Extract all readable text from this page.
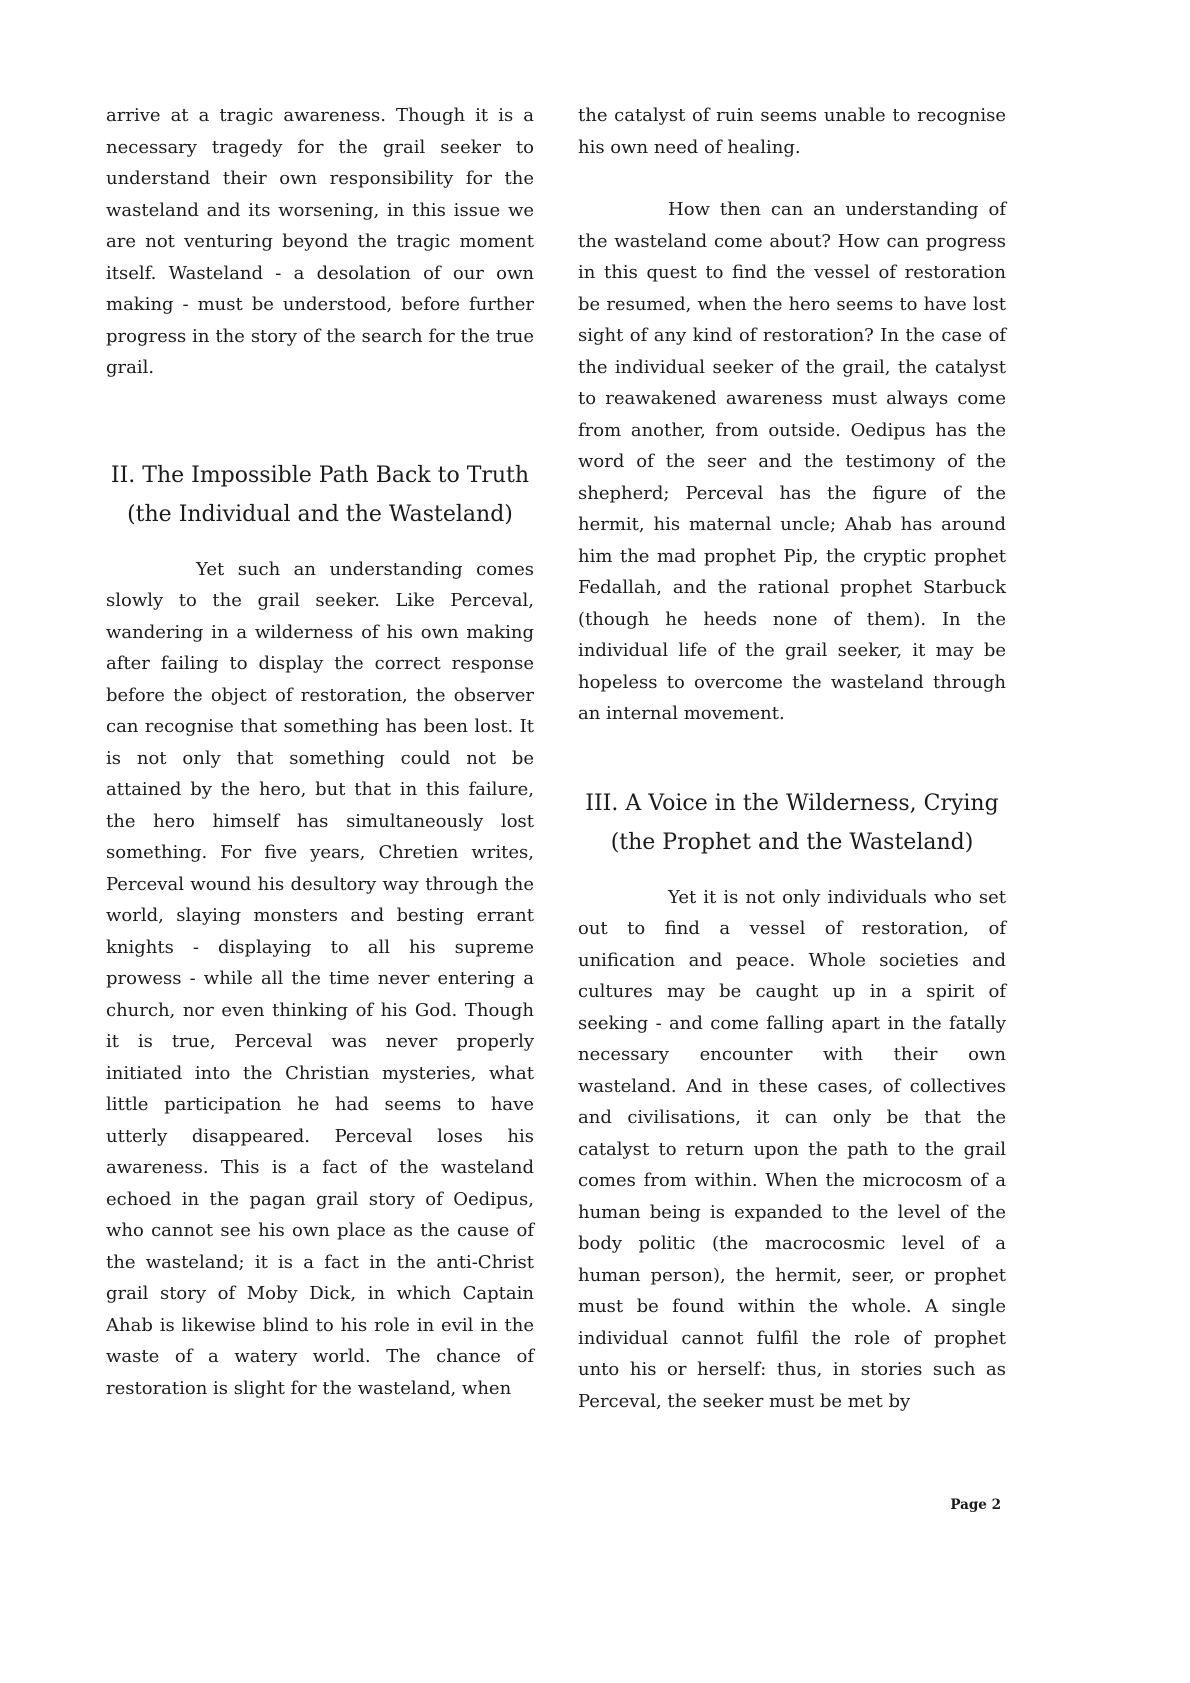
arrive at a tragic awareness. Though it is a necessary tragedy for the grail seeker to understand their own responsibility for the wasteland and its worsening, in this issue we are not venturing beyond the tragic moment itself. Wasteland - a desolation of our own making - must be understood, before further progress in the story of the search for the true grail.

II. The Impossible Path Back to Truth
(the Individual and the Wasteland)

Yet such an understanding comes slowly to the grail seeker. Like Perceval, wandering in a wilderness of his own making after failing to display the correct response before the object of restoration, the observer can recognise that something has been lost. It is not only that something could not be attained by the hero, but that in this failure, the hero himself has simultaneously lost something. For five years, Chretien writes, Perceval wound his desultory way through the world, slaying monsters and besting errant knights - displaying to all his supreme prowess - while all the time never entering a church, nor even thinking of his God. Though it is true, Perceval was never properly initiated into the Christian mysteries, what little participation he had seems to have utterly disappeared. Perceval loses his awareness. This is a fact of the wasteland echoed in the pagan grail story of Oedipus, who cannot see his own place as the cause of the wasteland; it is a fact in the anti-Christ grail story of Moby Dick, in which Captain Ahab is likewise blind to his role in evil in the waste of a watery world. The chance of restoration is slight for the wasteland, when

the catalyst of ruin seems unable to recognise his own need of healing.

How then can an understanding of the wasteland come about? How can progress in this quest to find the vessel of restoration be resumed, when the hero seems to have lost sight of any kind of restoration? In the case of the individual seeker of the grail, the catalyst to reawakened awareness must always come from another, from outside. Oedipus has the word of the seer and the testimony of the shepherd; Perceval has the figure of the hermit, his maternal uncle; Ahab has around him the mad prophet Pip, the cryptic prophet Fedallah, and the rational prophet Starbuck (though he heeds none of them). In the individual life of the grail seeker, it may be hopeless to overcome the wasteland through an internal movement.

III. A Voice in the Wilderness, Crying
(the Prophet and the Wasteland)

Yet it is not only individuals who set out to find a vessel of restoration, of unification and peace. Whole societies and cultures may be caught up in a spirit of seeking - and come falling apart in the fatally necessary encounter with their own wasteland. And in these cases, of collectives and civilisations, it can only be that the catalyst to return upon the path to the grail comes from within. When the microcosm of a human being is expanded to the level of the body politic (the macrocosmic level of a human person), the hermit, seer, or prophet must be found within the whole. A single individual cannot fulfil the role of prophet unto his or herself: thus, in stories such as Perceval, the seeker must be met by

Page 2
